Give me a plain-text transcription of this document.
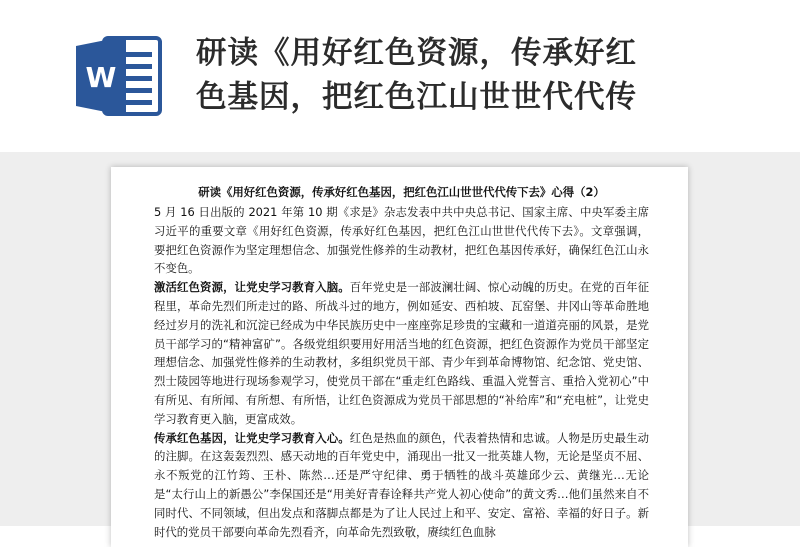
W
研读《用好红色资源，传承好红
色基因，把红色江山世世代代传
研读《用好红色资源，传承好红色基因，把红色江山世世代代传下去》心得（2）

5 月 16 日出版的 2021 年第 10 期《求是》杂志发表中共中央总书记、国家主席、中央军委主席习近平的重要文章《用好红色资源，传承好红色基因，把红色江山世世代代传下去》。文章强调，要把红色资源作为坚定理想信念、加强党性修养的生动教材，把红色基因传承好，确保红色江山永不变色。

激活红色资源，让党史学习教育入脑。百年党史是一部波澜壮阔、惊心动魄的历史。在党的百年征程里，革命先烈们所走过的路、所战斗过的地方，例如延安、西柏坡、瓦窑堡、井冈山等革命胜地经过岁月的洗礼和沉淀已经成为中华民族历史中一座座弥足珍贵的宝藏和一道道亮丽的风景，是党员干部学习的“精神富矿”。各级党组织要用好用活当地的红色资源，把红色资源作为党员干部坚定理想信念、加强党性修养的生动教材，多组织党员干部、青少年到革命博物馆、纪念馆、党史馆、烈士陵园等地进行现场参观学习，使党员干部在“重走红色路线、重温入党誓言、重拾入党初心”中有所见、有所闻、有所想、有所悟，让红色资源成为党员干部思想的“补给库”和“充电桩”，让党史学习教育更入脑，更富成效。

传承红色基因，让党史学习教育入心。红色是热血的颜色，代表着热情和忠诚。人物是历史最生动的注脚。在这轰轰烈烈、感天动地的百年党史中，涌现出一批又一批英雄人物，无论是坚贞不屈、永不叛党的江竹筠、王朴、陈然…还是严守纪律、勇于牺牲的战斗英雄邱少云、黄继光…无论是“太行山上的新愚公”李保国还是“用美好青春诠释共产党人初心使命”的黄文秀…他们虽然来自不同时代、不同领域，但出发点和落脚点都是为了让人民过上和平、安定、富裕、幸福的好日子。新时代的党员干部要向革命先烈看齐，向革命先烈致敬，赓续红色血脉
